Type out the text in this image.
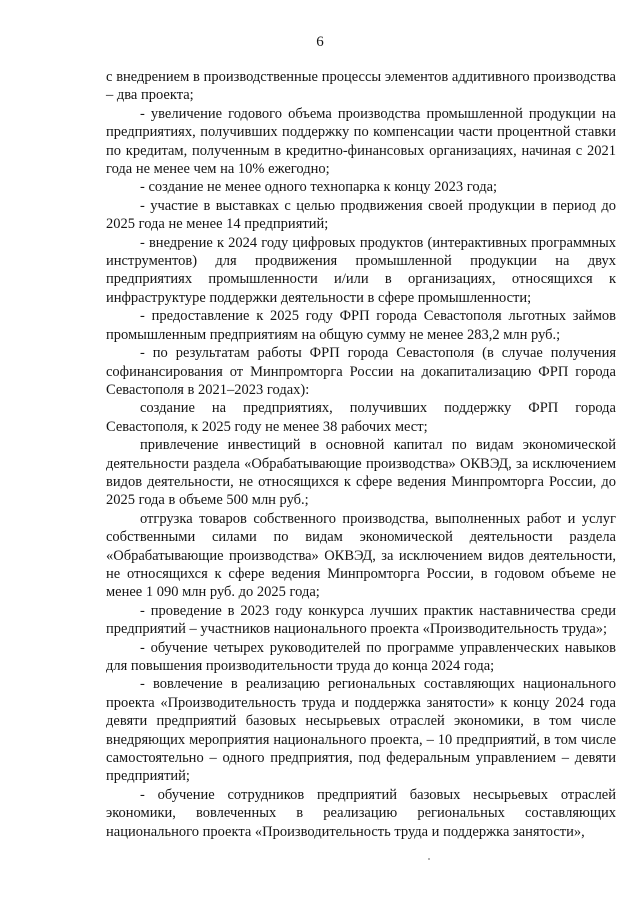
6

с внедрением в производственные процессы элементов аддитивного производства – два проекта;

- увеличение годового объема производства промышленной продукции на предприятиях, получивших поддержку по компенсации части процентной ставки по кредитам, полученным в кредитно-финансовых организациях, начиная с 2021 года не менее чем на 10% ежегодно;

- создание не менее одного технопарка к концу 2023 года;

- участие в выставках с целью продвижения своей продукции в период до 2025 года не менее 14 предприятий;

- внедрение к 2024 году цифровых продуктов (интерактивных программных инструментов) для продвижения промышленной продукции на двух предприятиях промышленности и/или в организациях, относящихся к инфраструктуре поддержки деятельности в сфере промышленности;

- предоставление к 2025 году ФРП города Севастополя льготных займов промышленным предприятиям на общую сумму не менее 283,2 млн руб.;

- по результатам работы ФРП города Севастополя (в случае получения софинансирования от Минпромторга России на докапитализацию ФРП города Севастополя в 2021–2023 годах):

создание на предприятиях, получивших поддержку ФРП города Севастополя, к 2025 году не менее 38 рабочих мест;

привлечение инвестиций в основной капитал по видам экономической деятельности раздела «Обрабатывающие производства» ОКВЭД, за исключением видов деятельности, не относящихся к сфере ведения Минпромторга России, до 2025 года в объеме 500 млн руб.;

отгрузка товаров собственного производства, выполненных работ и услуг собственными силами по видам экономической деятельности раздела «Обрабатывающие производства» ОКВЭД, за исключением видов деятельности, не относящихся к сфере ведения Минпромторга России, в годовом объеме не менее 1 090 млн руб. до 2025 года;

- проведение в 2023 году конкурса лучших практик наставничества среди предприятий – участников национального проекта «Производительность труда»;

- обучение четырех руководителей по программе управленческих навыков для повышения производительности труда до конца 2024 года;

- вовлечение в реализацию региональных составляющих национального проекта «Производительность труда и поддержка занятости» к концу 2024 года девяти предприятий базовых несырьевых отраслей экономики, в том числе внедряющих мероприятия национального проекта, – 10 предприятий, в том числе самостоятельно – одного предприятия, под федеральным управлением – девяти предприятий;

- обучение сотрудников предприятий базовых несырьевых отраслей экономики, вовлеченных в реализацию региональных составляющих национального проекта «Производительность труда и поддержка занятости»,
